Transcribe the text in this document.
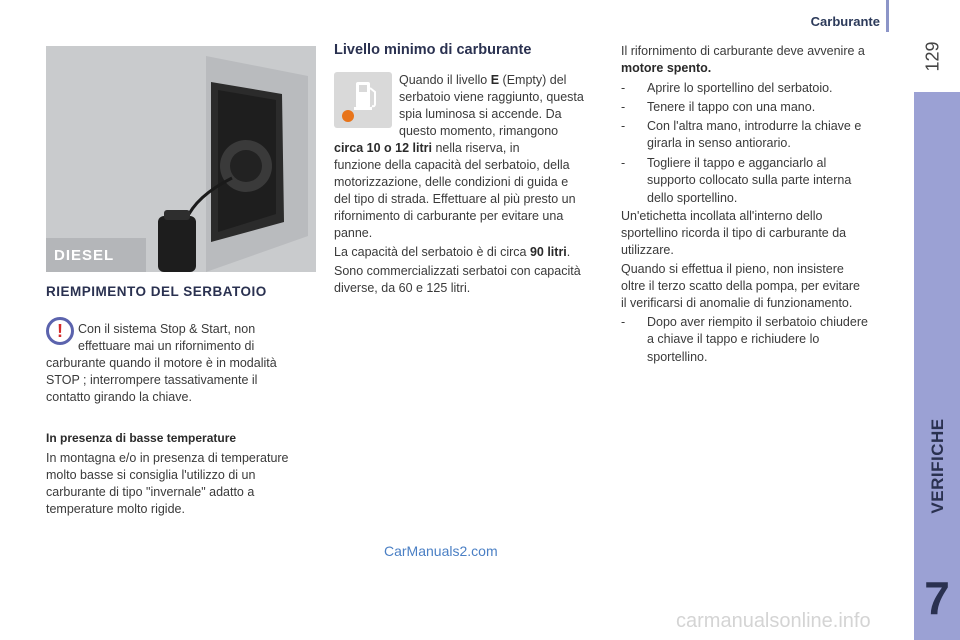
Carburante
129
VERIFICHE
7
DIESEL
RIEMPIMENTO DEL SERBATOIO
!	Con il sistema Stop & Start, non
effettuare mai un rifornimento di
carburante quando il motore è in modalità
STOP ; interrompere tassativamente il
contatto girando la chiave.
In presenza di basse temperature
In montagna e/o in presenza di temperature
molto basse si consiglia l'utilizzo di un
carburante di tipo "invernale" adatto a
temperature molto rigide.
Livello minimo di carburante
Quando il livello E (Empty) del
serbatoio viene raggiunto, questa
spia luminosa si accende. Da
questo momento, rimangono
circa 10 o 12 litri nella riserva, in
funzione della capacità del serbatoio, della
motorizzazione, delle condizioni di guida e
del tipo di strada. Effettuare al più presto un
rifornimento di carburante per evitare una
panne.
La capacità del serbatoio è di circa 90 litri.
Sono commercializzati serbatoi con capacità
diverse, da 60 e 125 litri.
Il rifornimento di carburante deve avvenire a
motore spento.
-	Aprire lo sportellino del serbatoio.
-	Tenere il tappo con una mano.
-	Con l'altra mano, introdurre la chiave e
girarla in senso antiorario.
-	Togliere il tappo e agganciarlo al
supporto collocato sulla parte interna
dello sportellino.
Un'etichetta incollata all'interno dello
sportellino ricorda il tipo di carburante da
utilizzare.
Quando si effettua il pieno, non insistere
oltre il terzo scatto della pompa, per evitare
il verificarsi di anomalie di funzionamento.
-	Dopo aver riempito il serbatoio chiudere
a chiave il tappo e richiudere lo
sportellino.
CarManuals2.com
carmanualsonline.info
